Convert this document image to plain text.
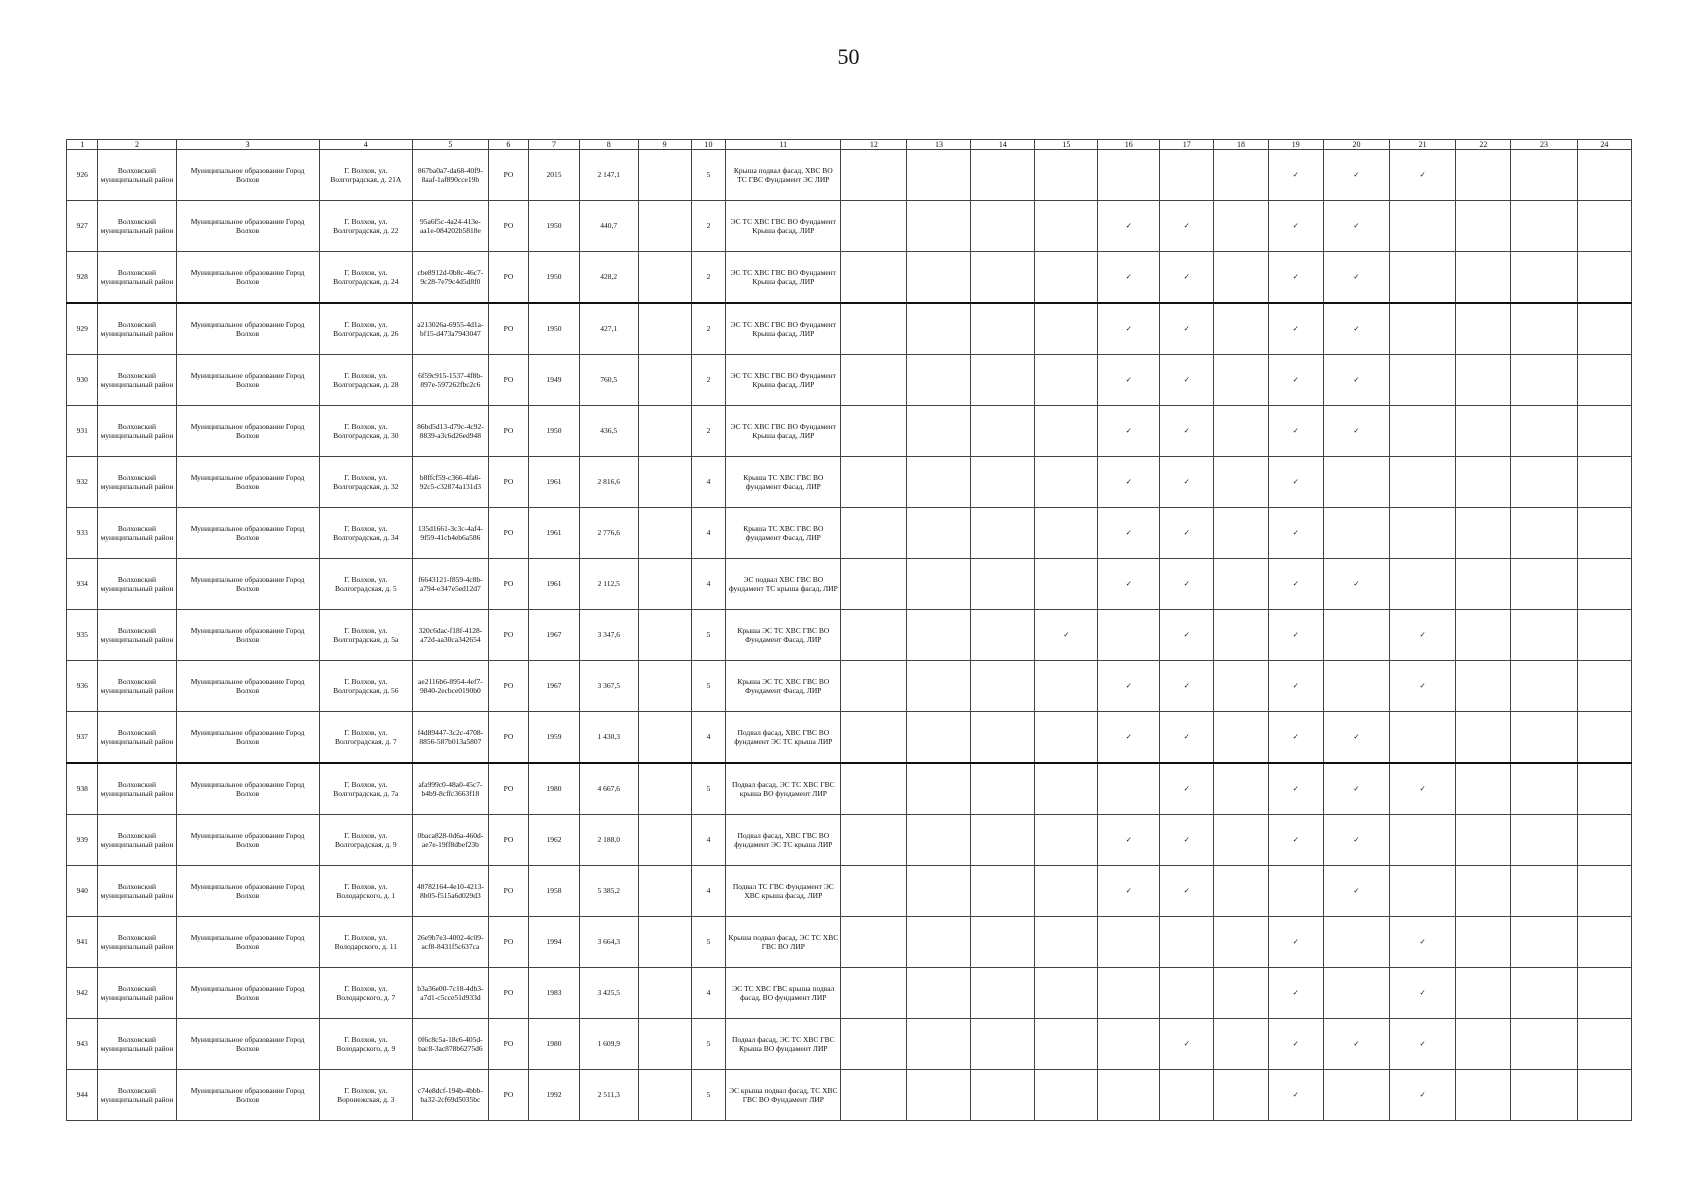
50
1	2	3	4	5	6	7	8	9	10	11	12	13	14	15	16	17	18	19	20	21	22	23	24
926	Волховский муниципальный район	Муниципальное образование Город Волхов	Г. Волхов, ул. Волгоградская, д. 21А	867ba0a7-da68-40f9-8aaf-1af890cce19b	РО	2015	2 147,1		5	Крыша подвал фасад, ХВС ВО ТС ГВС Фундамент ЭС ЛИР								✓	✓	✓			
927	Волховский муниципальный район	Муниципальное образование Город Волхов	Г. Волхов, ул. Волгоградская, д. 22	95a6f5c-4a24-413e-aa1e-084202b5818e	РО	1950	440,7		2	ЭС ТС ХВС ГВС ВО Фундамент Крыша фасад, ЛИР					✓	✓		✓	✓				
928	Волховский муниципальный район	Муниципальное образование Город Волхов	Г. Волхов, ул. Волгоградская, д. 24	cbe8912d-0b8c-46c7-9c28-7e79c4d5d8f0	РО	1950	428,2		2	ЭС ТС ХВС ГВС ВО Фундамент Крыша фасад, ЛИР					✓	✓		✓	✓				
929	Волховский муниципальный район	Муниципальное образование Город Волхов	Г. Волхов, ул. Волгоградская, д. 26	a213026a-6955-4d1a-bf15-d473a7943047	РО	1950	427,1		2	ЭС ТС ХВС ГВС ВО Фундамент Крыша фасад, ЛИР					✓	✓		✓	✓				
930	Волховский муниципальный район	Муниципальное образование Город Волхов	Г. Волхов, ул. Волгоградская, д. 28	6f59c915-1537-4f8b-897e-597262fbc2c6	РО	1949	760,5		2	ЭС ТС ХВС ГВС ВО Фундамент Крыша фасад, ЛИР					✓	✓		✓	✓				
931	Волховский муниципальный район	Муниципальное образование Город Волхов	Г. Волхов, ул. Волгоградская, д. 30	86bd5d13-d79c-4c92-8839-a3c6d26ed948	РО	1950	436,5		2	ЭС ТС ХВС ГВС ВО Фундамент Крыша фасад, ЛИР					✓	✓		✓	✓				
932	Волховский муниципальный район	Муниципальное образование Город Волхов	Г. Волхов, ул. Волгоградская, д. 32	b8ffcf59-c366-4fa6-92c5-c32874a131d3	РО	1961	2 816,6		4	Крыша ТС ХВС ГВС ВО фундамент Фасад, ЛИР					✓	✓		✓					
933	Волховский муниципальный район	Муниципальное образование Город Волхов	Г. Волхов, ул. Волгоградская, д. 34	135d1661-3c3c-4af4-9f59-41cb4eb6a586	РО	1961	2 776,6		4	Крыша ТС ХВС ГВС ВО фундамент Фасад, ЛИР					✓	✓		✓					
934	Волховский муниципальный район	Муниципальное образование Город Волхов	Г. Волхов, ул. Волгоградская, д. 5	f6643121-f859-4c8b-a794-e347e5ed12d7	РО	1961	2 112,5		4	ЭС подвал ХВС ГВС ВО фундамент ТС крыша фасад, ЛИР					✓	✓		✓	✓				
935	Волховский муниципальный район	Муниципальное образование Город Волхов	Г. Волхов, ул. Волгоградская, д. 5а	320c6dac-f18f-4128-a72d-aa30ca342654	РО	1967	3 347,6		5	Крыша ЭС ТС ХВС ГВС ВО Фундамент Фасад, ЛИР				✓		✓		✓		✓			
936	Волховский муниципальный район	Муниципальное образование Город Волхов	Г. Волхов, ул. Волгоградская, д. 56	ae2116b6-8954-4ef7-9840-2ecbce0190b0	РО	1967	3 367,5		5	Крыша ЭС ТС ХВС ГВС ВО Фундамент Фасад, ЛИР					✓	✓		✓		✓			
937	Волховский муниципальный район	Муниципальное образование Город Волхов	Г. Волхов, ул. Волгоградская, д. 7	f4d89447-3c2c-4708-8856-587b013a5807	РО	1959	1 430,3		4	Подвал фасад, ХВС ГВС ВО фундамент ЭС ТС крыша ЛИР					✓	✓		✓	✓				
938	Волховский муниципальный район	Муниципальное образование Город Волхов	Г. Волхов, ул. Волгоградская, д. 7а	afa999c0-48a0-45c7-b4b9-8cffc3663f18	РО	1980	4 667,6		5	Подвал фасад, ЭС ТС ХВС ГВС крыша ВО фундамент ЛИР						✓		✓	✓	✓			
939	Волховский муниципальный район	Муниципальное образование Город Волхов	Г. Волхов, ул. Волгоградская, д. 9	0baca828-0d6a-460d-ae7e-19ff8dbef23b	РО	1962	2 188,0		4	Подвал фасад, ХВС ГВС ВО фундамент ЭС ТС крыша ЛИР					✓	✓		✓	✓				
940	Волховский муниципальный район	Муниципальное образование Город Волхов	Г. Волхов, ул. Володарского, д. 1	48782164-4e10-4213-8b05-f515a6d029d3	РО	1958	5 385,2		4	Подвал ТС ГВС Фундамент ЭС ХВС крыша фасад, ЛИР					✓	✓			✓				
941	Волховский муниципальный район	Муниципальное образование Город Волхов	Г. Волхов, ул. Володарского, д. 11	26e9b7e3-4002-4c09-acf8-8431f5c637ca	РО	1994	3 664,3		5	Крыша подвал фасад, ЭС ТС ХВС ГВС ВО ЛИР								✓		✓			
942	Волховский муниципальный район	Муниципальное образование Город Волхов	Г. Волхов, ул. Володарского, д. 7	b3a36e00-7c18-4db3-a7d1-c5cce51d933d	РО	1983	3 425,5		4	ЭС ТС ХВС ГВС крыша подвал фасад, ВО фундамент ЛИР								✓		✓			
943	Волховский муниципальный район	Муниципальное образование Город Волхов	Г. Волхов, ул. Володарского, д. 9	0f6c8c5a-18c6-405d-bac8-3ac878b6275d6	РО	1980	1 609,9		5	Подвал фасад, ЭС ТС ХВС ГВС Крыша ВО фундамент ЛИР						✓		✓	✓	✓			
944	Волховский муниципальный район	Муниципальное образование Город Волхов	Г. Волхов, ул. Воронежская, д. 3	c74e8dcf-194b-4bbb-ba32-2cf69d5035bc	РО	1992	2 511,3		5	ЭС крыша подвал фасад, ТС ХВС ГВС ВО Фундамент ЛИР								✓		✓			
